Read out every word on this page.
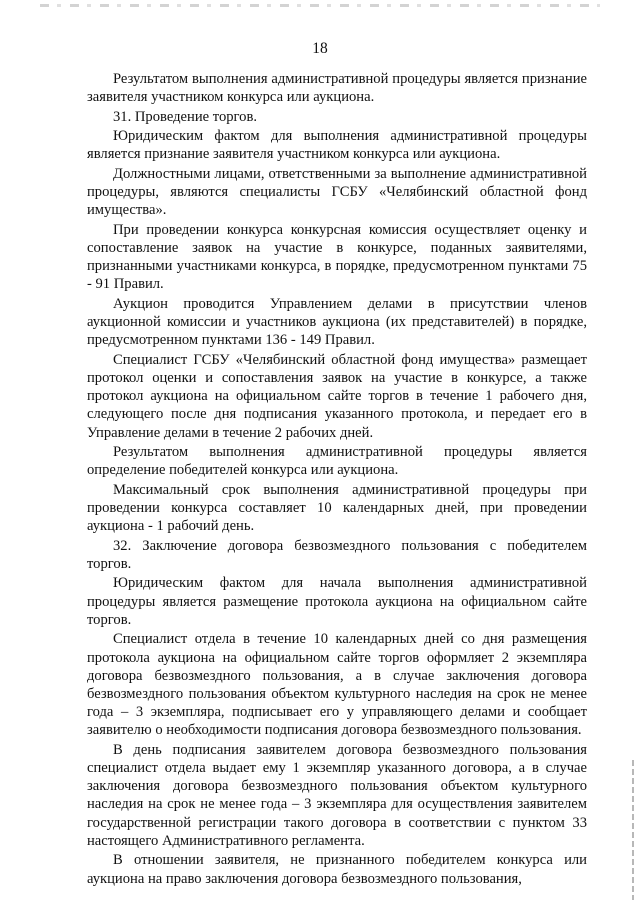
18

Результатом выполнения административной процедуры является признание заявителя участником конкурса или аукциона.

31. Проведение торгов.

Юридическим фактом для выполнения административной процедуры является признание заявителя участником конкурса или аукциона.

Должностными лицами, ответственными за выполнение административной процедуры, являются специалисты ГСБУ «Челябинский областной фонд имущества».

При проведении конкурса конкурсная комиссия осуществляет оценку и сопоставление заявок на участие в конкурсе, поданных заявителями, признанными участниками конкурса, в порядке, предусмотренном пунктами 75 - 91 Правил.

Аукцион проводится Управлением делами в присутствии членов аукционной комиссии и участников аукциона (их представителей) в порядке, предусмотренном пунктами 136 - 149 Правил.

Специалист ГСБУ «Челябинский областной фонд имущества» размещает протокол оценки и сопоставления заявок на участие в конкурсе, а также протокол аукциона на официальном сайте торгов в течение 1 рабочего дня, следующего после дня подписания указанного протокола, и передает его в Управление делами в течение 2 рабочих дней.

Результатом выполнения административной процедуры является определение победителей конкурса или аукциона.

Максимальный срок выполнения административной процедуры при проведении конкурса составляет 10 календарных дней, при проведении аукциона - 1 рабочий день.

32. Заключение договора безвозмездного пользования с победителем торгов.

Юридическим фактом для начала выполнения административной процедуры является размещение протокола аукциона на официальном сайте торгов.

Специалист отдела в течение 10 календарных дней со дня размещения протокола аукциона на официальном сайте торгов оформляет 2 экземпляра договора безвозмездного пользования, а в случае заключения договора безвозмездного пользования объектом культурного наследия на срок не менее года – 3 экземпляра, подписывает его у управляющего делами и сообщает заявителю о необходимости подписания договора безвозмездного пользования.

В день подписания заявителем договора безвозмездного пользования специалист отдела выдает ему 1 экземпляр указанного договора, а в случае заключения договора безвозмездного пользования объектом культурного наследия на срок не менее года – 3 экземпляра для осуществления заявителем государственной регистрации такого договора в соответствии с пунктом 33 настоящего Административного регламента.

В отношении заявителя, не признанного победителем конкурса или аукциона на право заключения договора безвозмездного пользования,
